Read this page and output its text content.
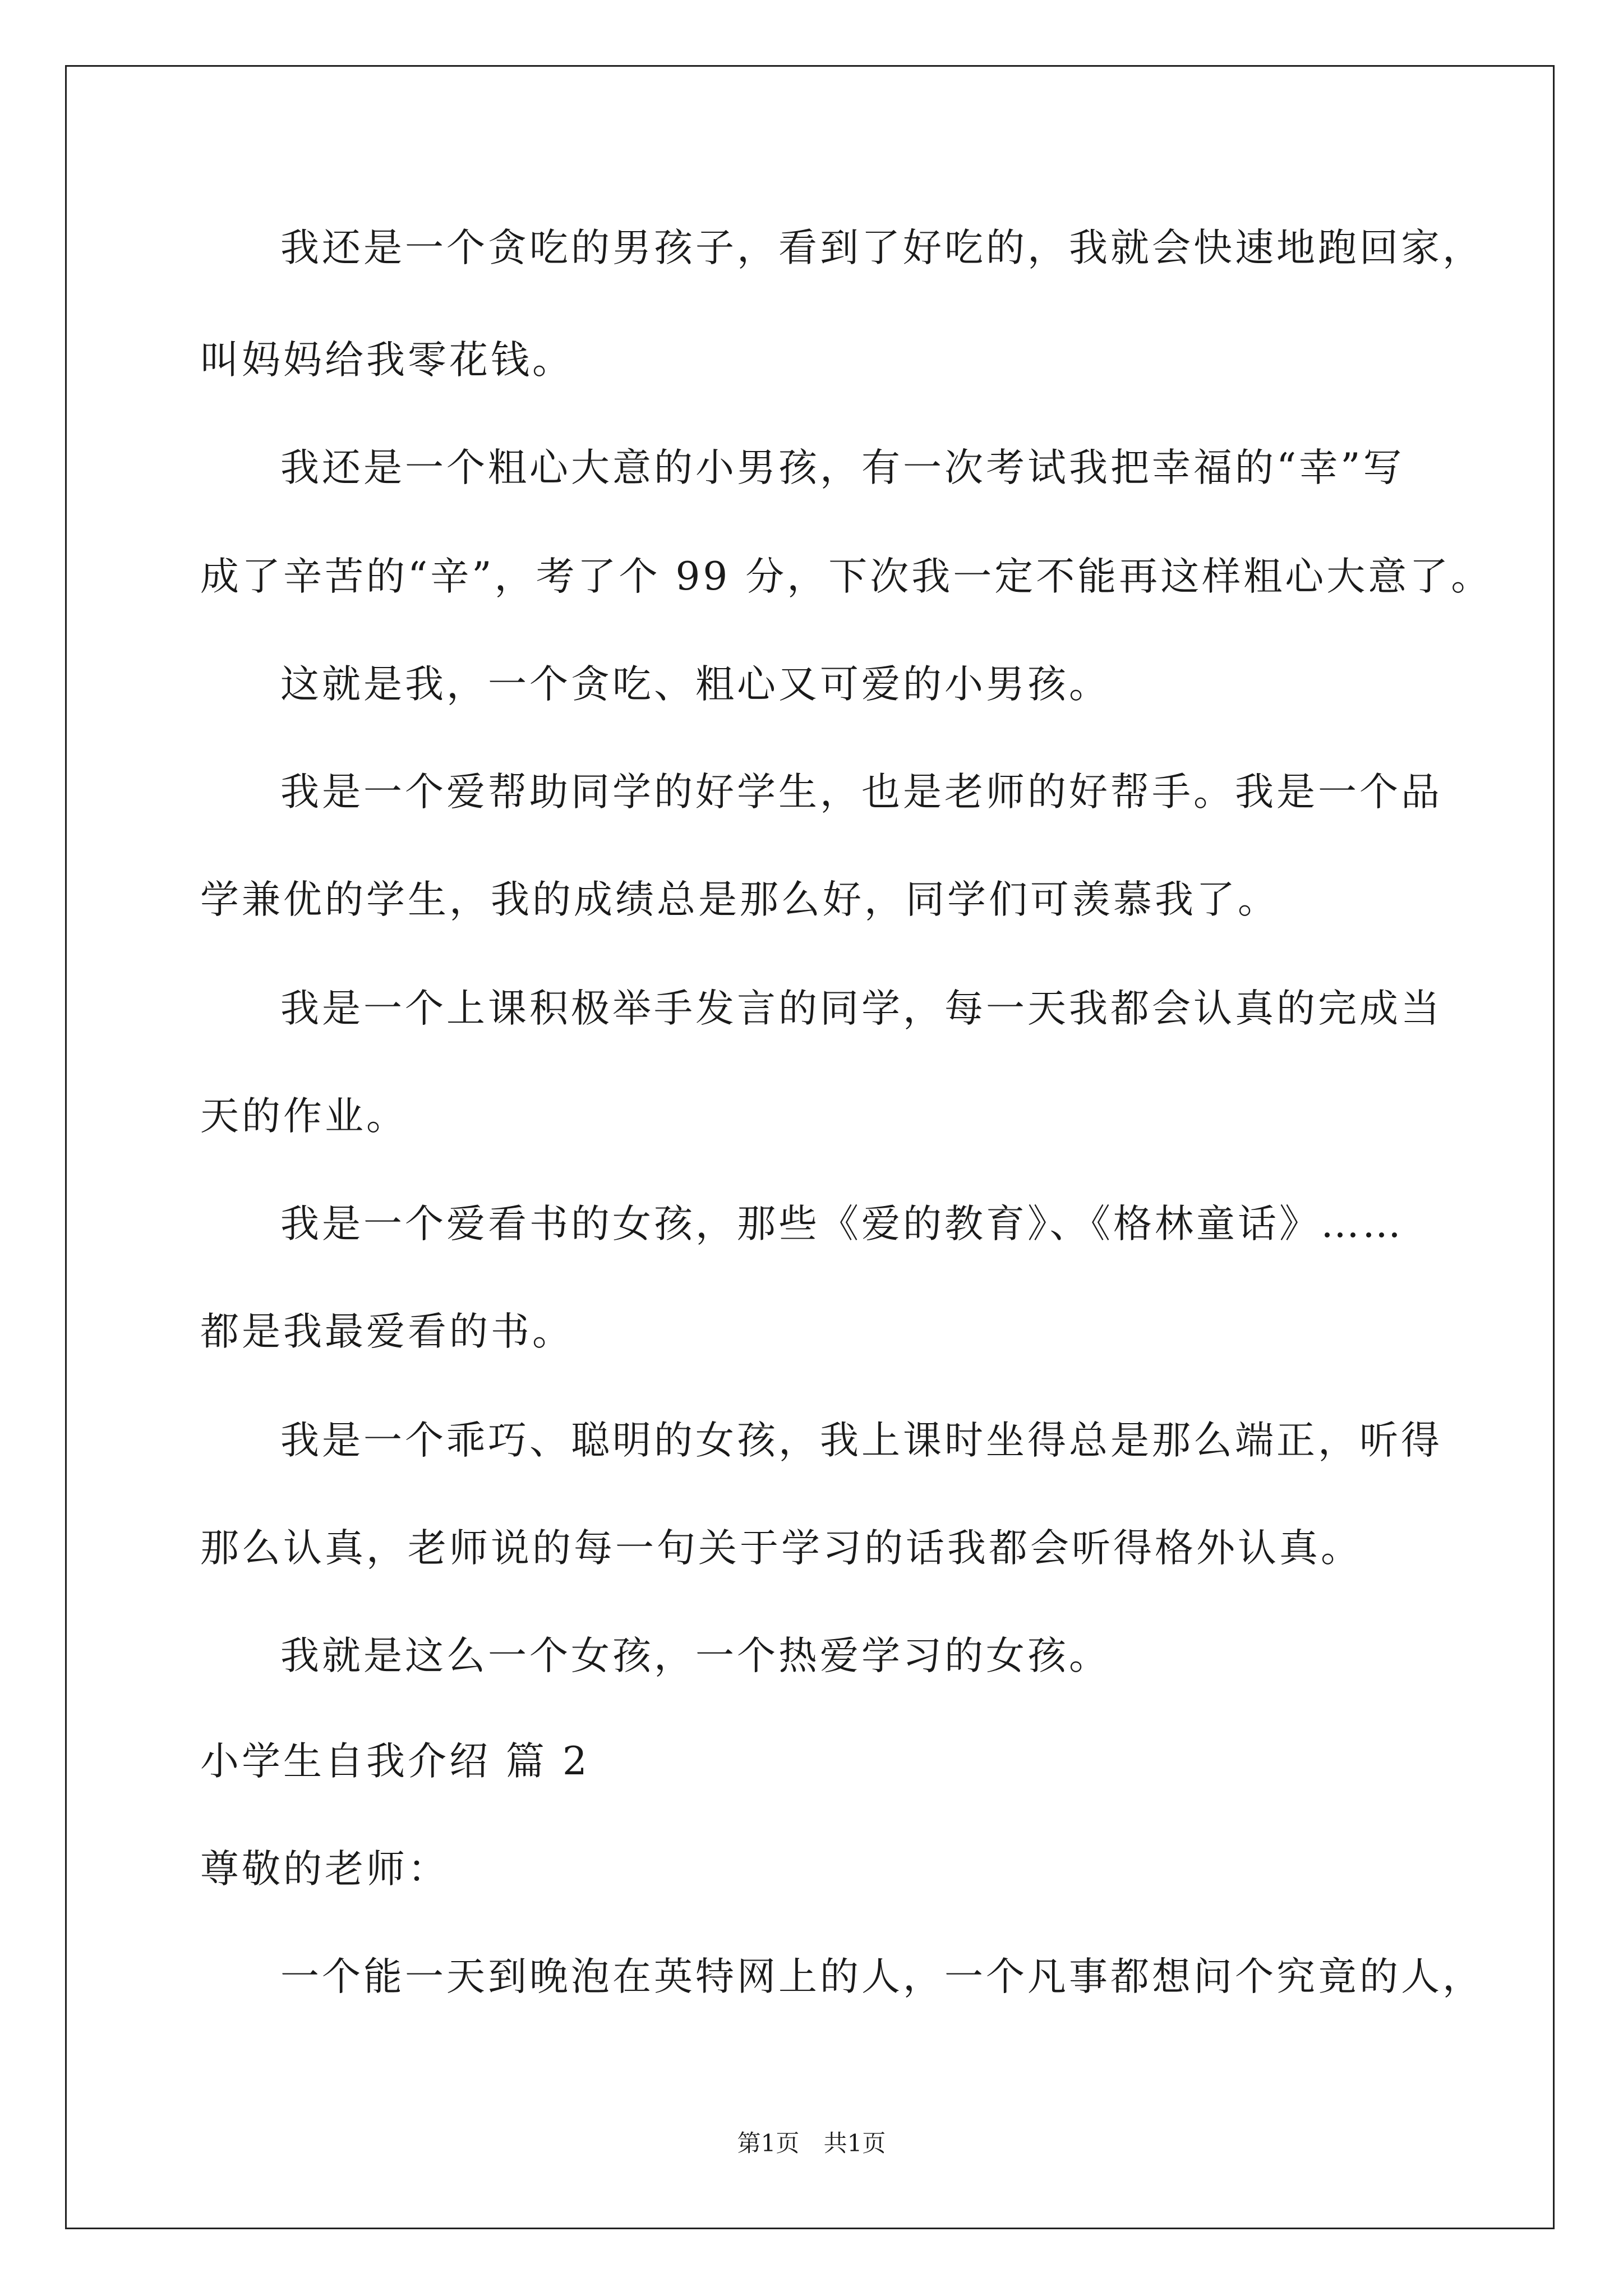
我还是一个贪吃的男孩子，看到了好吃的，我就会快速地跑回家，
叫妈妈给我零花钱。
我还是一个粗心大意的小男孩，有一次考试我把幸福的“幸”写
成了辛苦的“辛”，考了个 99 分，下次我一定不能再这样粗心大意了。
这就是我，一个贪吃、粗心又可爱的小男孩。
我是一个爱帮助同学的好学生，也是老师的好帮手。我是一个品
学兼优的学生，我的成绩总是那么好，同学们可羡慕我了。
我是一个上课积极举手发言的同学，每一天我都会认真的完成当
天的作业。
我是一个爱看书的女孩，那些《爱的教育》、《格林童话》……
都是我最爱看的书。
我是一个乖巧、聪明的女孩，我上课时坐得总是那么端正，听得
那么认真，老师说的每一句关于学习的话我都会听得格外认真。
我就是这么一个女孩，一个热爱学习的女孩。
小学生自我介绍 篇 2
尊敬的老师：
一个能一天到晚泡在英特网上的人，一个凡事都想问个究竟的人，
第1页 共1页
